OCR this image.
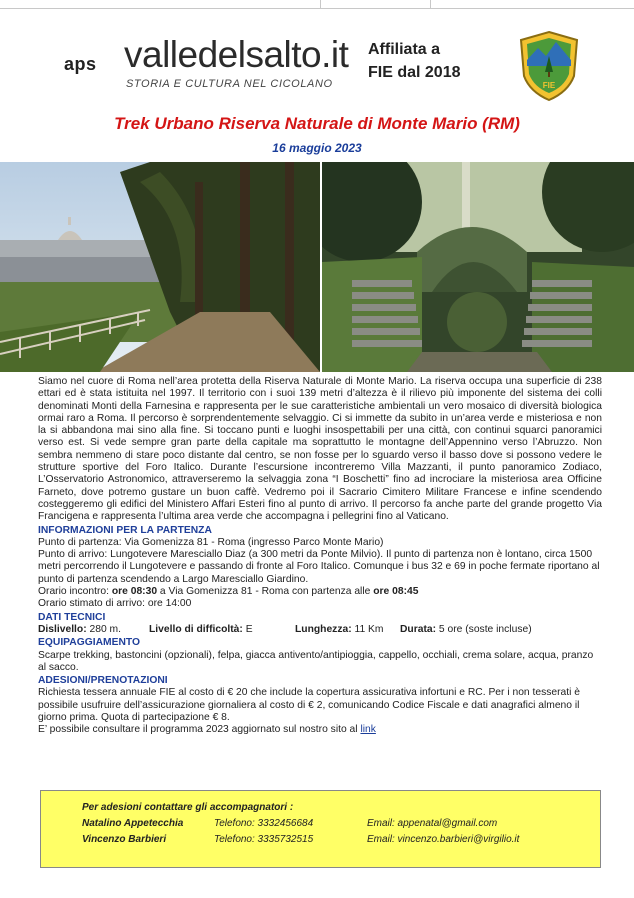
aps valledelsalto.it
STORIA E CULTURA NEL CICOLANO
Affiliata a
FIE dal 2018
FIE
Trek Urbano Riserva Naturale di Monte Mario (RM)
16 maggio 2023

Siamo nel cuore di Roma nell’area protetta della Riserva Naturale di Monte Mario. La riserva occupa una superficie di 238 ettari ed è stata istituita nel 1997. Il territorio con i suoi 139 metri d’altezza è il rilievo più imponente del sistema dei colli denominati Monti della Farnesina e rappresenta per le sue caratteristiche ambientali un vero mosaico di diversità biologica ormai raro a Roma. Il percorso è sorprendentemente selvaggio. Ci si immette da subito in un’area verde e misteriosa e non la si abbandona mai sino alla fine. Si toccano punti e luoghi insospettabili per una città, con continui squarci panoramici verso est. Si vede sempre gran parte della capitale ma soprattutto le montagne dell’Appennino verso l’Abruzzo. Non sembra nemmeno di stare poco distante dal centro, se non fosse per lo sguardo verso il basso dove si possono vedere le strutture sportive del Foro Italico. Durante l’escursione incontreremo Villa Mazzanti, il punto panoramico Zodiaco, L’Osservatorio Astronomico, attraverseremo la selvaggia zona “I Boschetti” fino ad incrociare la misteriosa area Officine Farneto, dove potremo gustare un buon caffè. Vedremo poi il Sacrario Cimitero Militare Francese e infine scendendo costeggeremo gli edifici del Ministero Affari Esteri fino al punto di arrivo. Il percorso fa anche parte del grande progetto Via Francigena e rappresenta l’ultima area verde che accompagna i pellegrini fino al Vaticano.

INFORMAZIONI PER LA PARTENZA

Punto di partenza: Via Gomenizza 81 - Roma (ingresso Parco Monte Mario)

Punto di arrivo: Lungotevere Maresciallo Diaz (a 300 metri da Ponte Milvio). Il punto di partenza non è lontano, circa 1500 metri percorrendo il Lungotevere e passando di fronte al Foro Italico. Comunque i bus 32 e 69 in poche fermate riportano al punto di partenza scendendo a Largo Maresciallo Giardino.

Orario incontro: ore 08:30 a Via Gomenizza 81 - Roma con partenza alle ore 08:45

Orario stimato di arrivo: ore 14:00

DATI TECNICI
Dislivello: 280 m.	Livello di difficoltà: E	Lunghezza: 11 Km	Durata: 5 ore (soste incluse)
EQUIPAGGIAMENTO

Scarpe trekking, bastoncini (opzionali), felpa, giacca antivento/antipioggia, cappello, occhiali, crema solare, acqua, pranzo al sacco.

ADESIONI/PRENOTAZIONI

Richiesta tessera annuale FIE al costo di € 20 che include la copertura assicurativa infortuni e RC. Per i non tesserati è possibile usufruire dell’assicurazione giornaliera al costo di € 2, comunicando Codice Fiscale e dati anagrafici almeno il giorno prima. Quota di partecipazione € 8.

E’ possibile consultare il programma 2023 aggiornato sul nostro sito al link

Per adesioni contattare gli accompagnatori :
Natalino Appetecchia	Telefono: 3332456684	Email: appenatal@gmail.com
Vincenzo Barbieri	Telefono: 3335732515	Email: vincenzo.barbieri@virgilio.it
